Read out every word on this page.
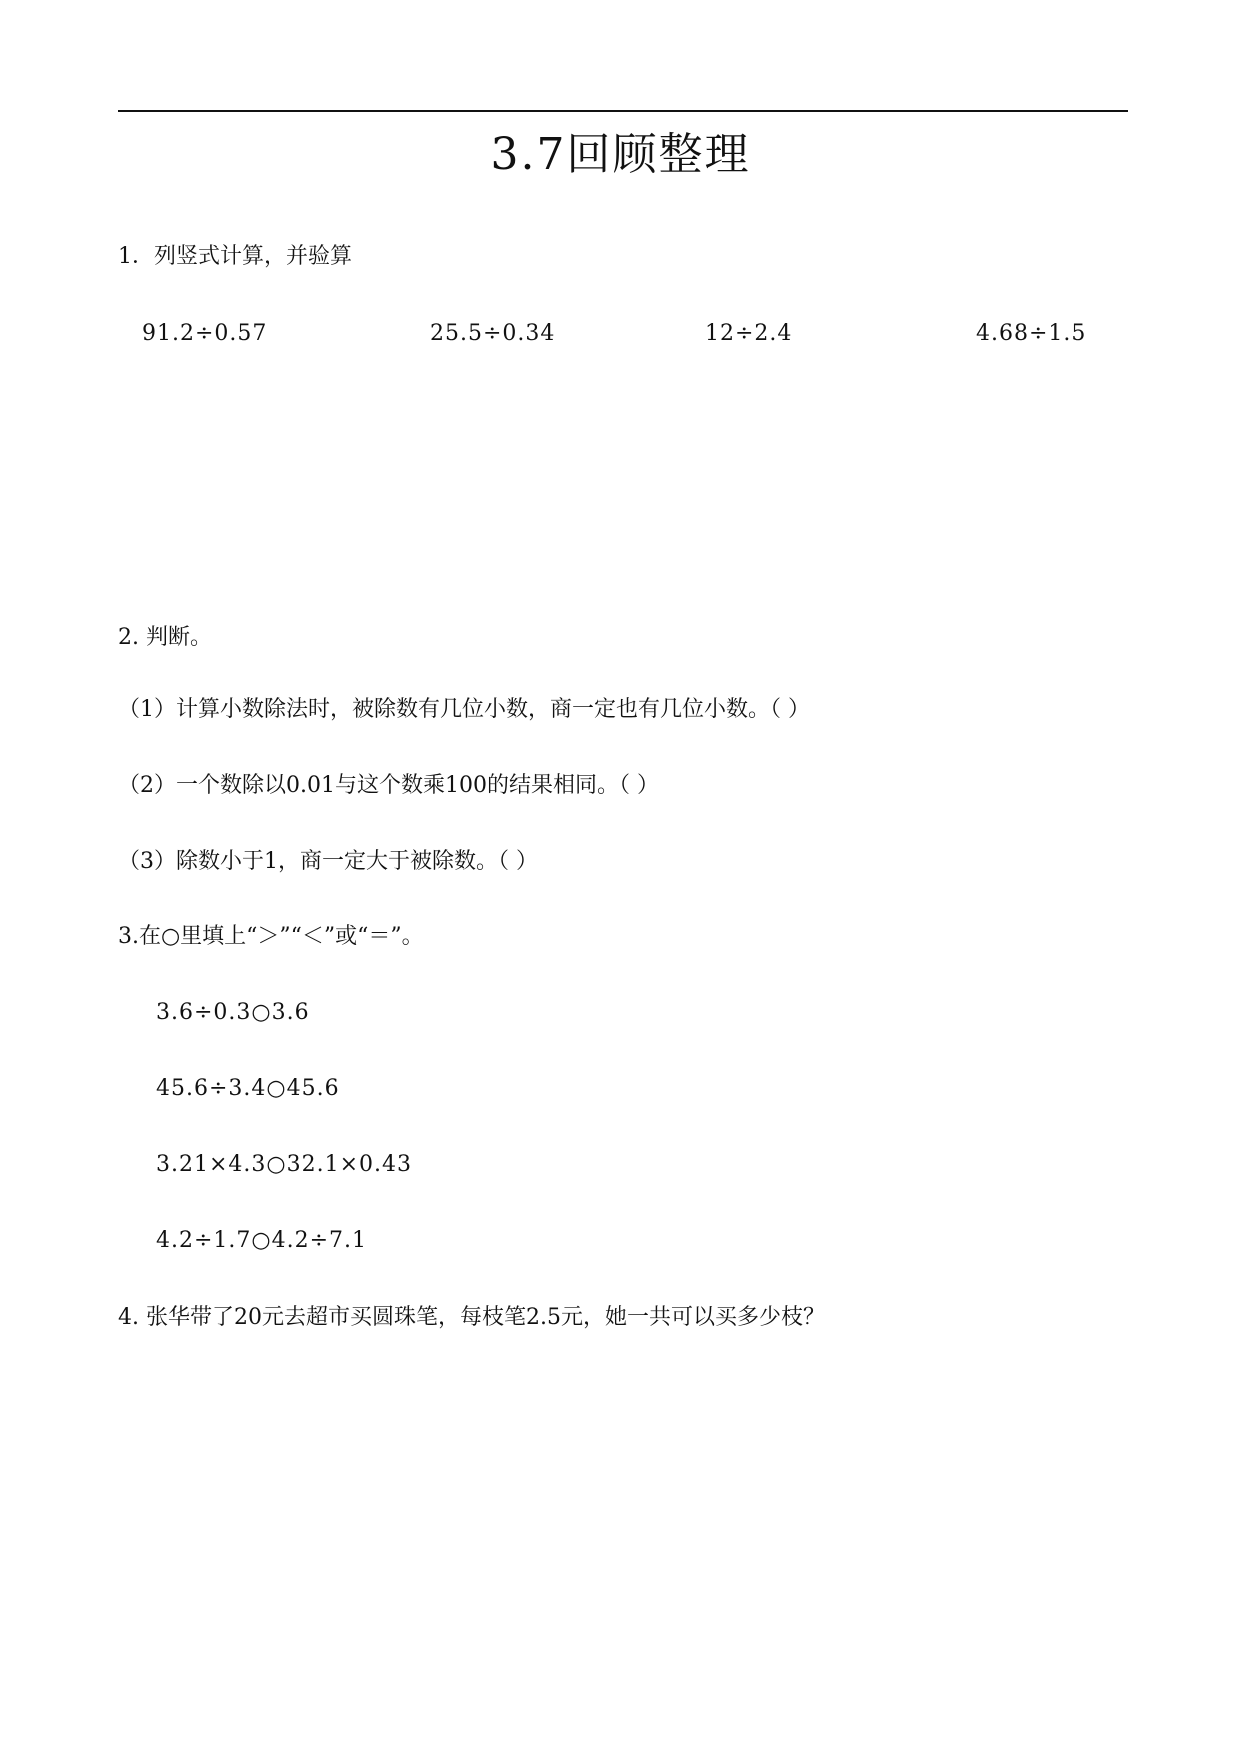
3.7回顾整理
1．列竖式计算，并验算
91.2÷0.57	25.5÷0.34	12÷2.4	4.68÷1.5
2. 判断。
（1）计算小数除法时，被除数有几位小数，商一定也有几位小数。（ ）
（2）一个数除以0.01与这个数乘100的结果相同。（ ）
（3）除数小于1，商一定大于被除数。（ ）
3.在○里填上“＞”“＜”或“＝”。
3.6÷0.3○3.6
45.6÷3.4○45.6
3.21×4.3○32.1×0.43
4.2÷1.7○4.2÷7.1
4. 张华带了20元去超市买圆珠笔，每枝笔2.5元，她一共可以买多少枝？
